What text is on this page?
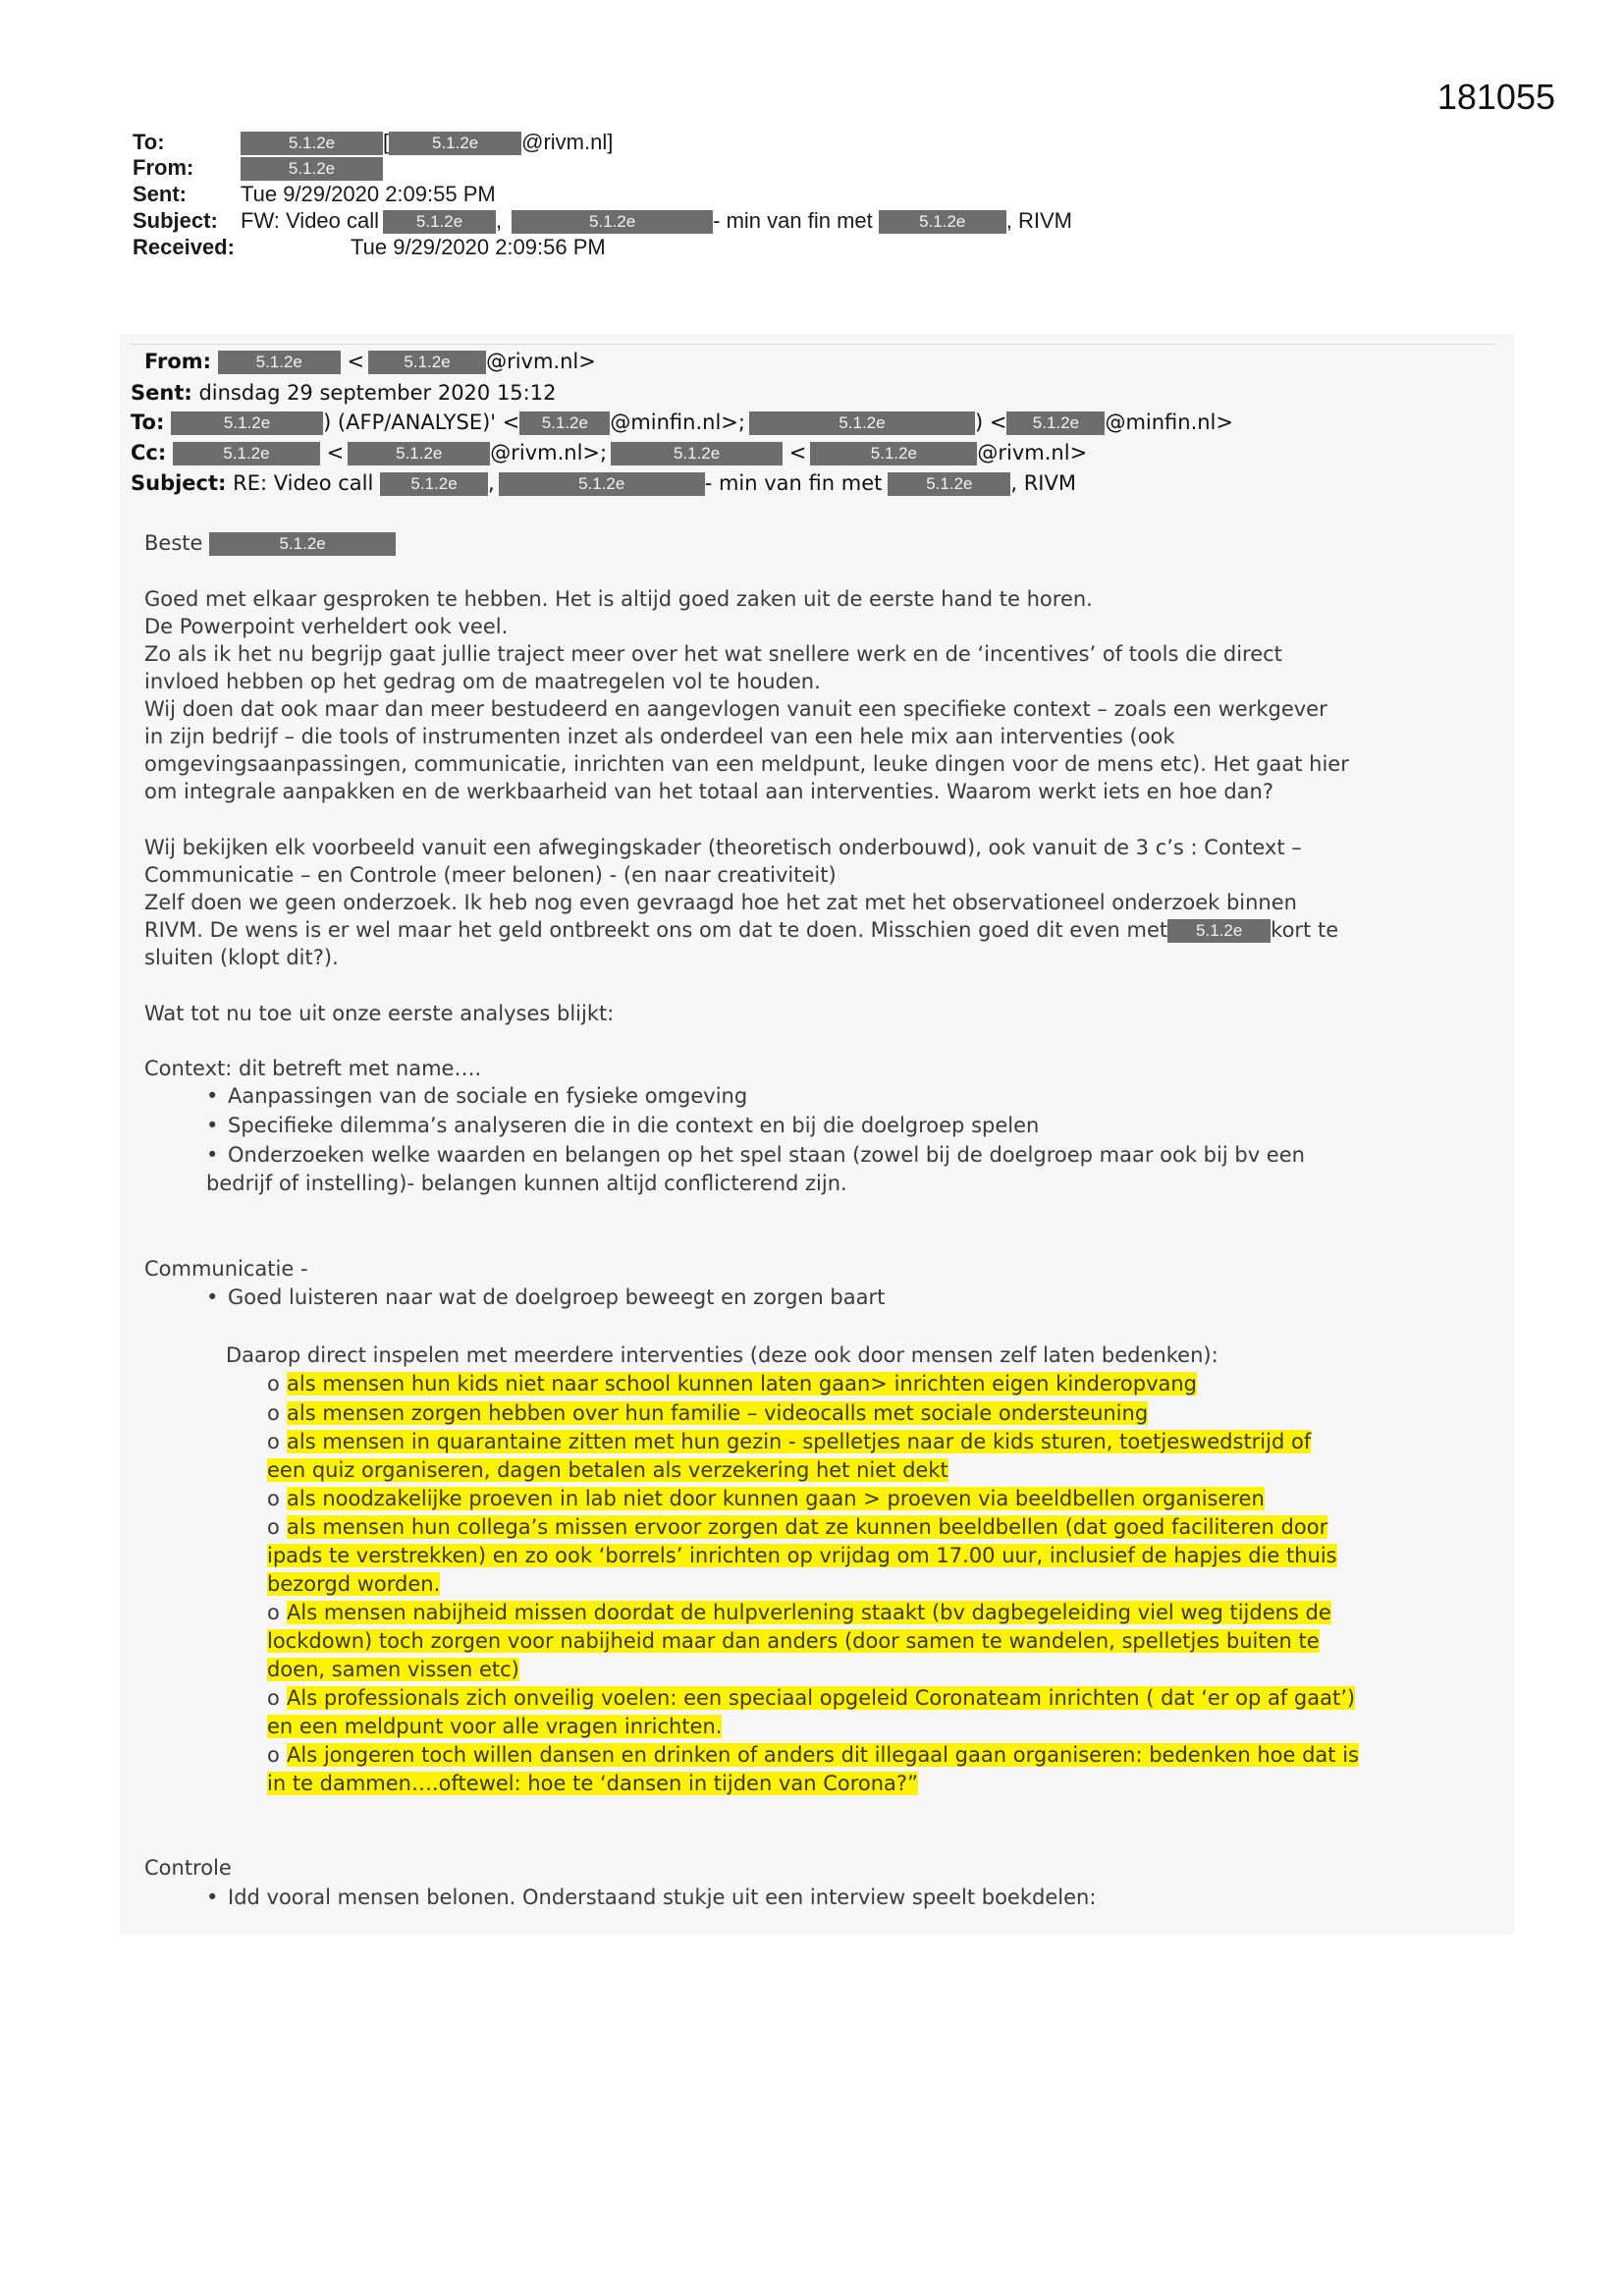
181055
To:	5.1.2e [	5.1.2e @rivm.nl]
From:	5.1.2e
Sent:	Tue 9/29/2020 2:09:55 PM
Subject: FW: Video call 5.1.2e ,	5.1.2e	- min van fin met	5.1.2e , RIVM
Received:	Tue 9/29/2020 2:09:56 PM
From:	5.1.2e < 5.1.2e @rivm.nl>
Sent: dinsdag 29 september 2020 15:12
To:	5.1.2e	) (AFP/ANALYSE)' < 5.1.2e @minfin.nl>;	5.1.2e	) < 5.1.2e @minfin.nl>
Cc:	5.1.2e	<	5.1.2e @rivm.nl>;	5.1.2e	<	5.1.2e	@rivm.nl>
Subject: RE: Video call 5.1.2e ,	5.1.2e	- min van fin met	5.1.2e , RIVM
Beste	5.1.2e
Goed met elkaar gesproken te hebben. Het is altijd goed zaken uit de eerste hand te horen.
De Powerpoint verheldert ook veel.
Zo als ik het nu begrijp gaat jullie traject meer over het wat snellere werk en de ‘incentives’ of tools die direct
invloed hebben op het gedrag om de maatregelen vol te houden.
Wij doen dat ook maar dan meer bestudeerd en aangevlogen vanuit een specifieke context – zoals een werkgever
in zijn bedrijf – die tools of instrumenten inzet als onderdeel van een hele mix aan interventies (ook
omgevingsaanpassingen, communicatie, inrichten van een meldpunt, leuke dingen voor de mens etc). Het gaat hier
om integrale aanpakken en de werkbaarheid van het totaal aan interventies. Waarom werkt iets en hoe dan?
Wij bekijken elk voorbeeld vanuit een afwegingskader (theoretisch onderbouwd), ook vanuit de 3 c’s : Context –
Communicatie – en Controle (meer belonen) - (en naar creativiteit)
Zelf doen we geen onderzoek. Ik heb nog even gevraagd hoe het zat met het observationeel onderzoek binnen
RIVM. De wens is er wel maar het geld ontbreekt ons om dat te doen. Misschien goed dit even met 5.1.2e kort te
sluiten (klopt dit?).
Wat tot nu toe uit onze eerste analyses blijkt:
Context: dit betreft met name….
• Aanpassingen van de sociale en fysieke omgeving
• Specifieke dilemma’s analyseren die in die context en bij die doelgroep spelen
• Onderzoeken welke waarden en belangen op het spel staan (zowel bij de doelgroep maar ook bij bv een
bedrijf of instelling)- belangen kunnen altijd conflicterend zijn.
Communicatie -
• Goed luisteren naar wat de doelgroep beweegt en zorgen baart
Daarop direct inspelen met meerdere interventies (deze ook door mensen zelf laten bedenken):
o als mensen hun kids niet naar school kunnen laten gaan> inrichten eigen kinderopvang
o als mensen zorgen hebben over hun familie – videocalls met sociale ondersteuning
o als mensen in quarantaine zitten met hun gezin - spelletjes naar de kids sturen, toetjeswedstrijd of
een quiz organiseren, dagen betalen als verzekering het niet dekt
o als noodzakelijke proeven in lab niet door kunnen gaan > proeven via beeldbellen organiseren
o als mensen hun collega’s missen ervoor zorgen dat ze kunnen beeldbellen (dat goed faciliteren door
ipads te verstrekken) en zo ook ‘borrels’ inrichten op vrijdag om 17.00 uur, inclusief de hapjes die thuis
bezorgd worden.
o Als mensen nabijheid missen doordat de hulpverlening staakt (bv dagbegeleiding viel weg tijdens de
lockdown) toch zorgen voor nabijheid maar dan anders (door samen te wandelen, spelletjes buiten te
doen, samen vissen etc)
o Als professionals zich onveilig voelen: een speciaal opgeleid Coronateam inrichten ( dat ‘er op af gaat’)
en een meldpunt voor alle vragen inrichten.
o Als jongeren toch willen dansen en drinken of anders dit illegaal gaan organiseren: bedenken hoe dat is
in te dammen….oftewel: hoe te ‘dansen in tijden van Corona?”
Controle
• Idd vooral mensen belonen. Onderstaand stukje uit een interview speelt boekdelen:
